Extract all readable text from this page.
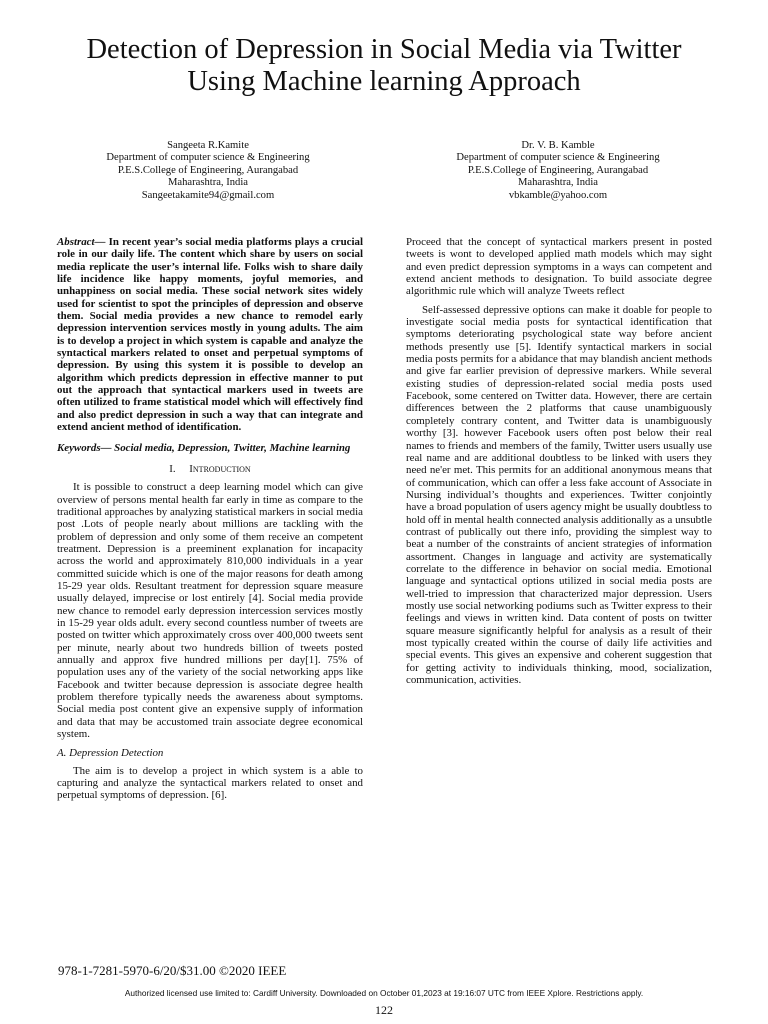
Detection of Depression in Social Media via Twitter
Using Machine learning Approach
Sangeeta R.Kamite
Department of computer science & Engineering
P.E.S.College of Engineering, Aurangabad
Maharashtra, India
Sangeetakamite94@gmail.com
Dr. V. B. Kamble
Department of computer science & Engineering
P.E.S.College of Engineering, Aurangabad
Maharashtra, India
vbkamble@yahoo.com

Abstract— In recent year’s social media platforms plays a crucial role in our daily life. The content which share by users on social media replicate the user’s internal life. Folks wish to share daily life incidence like happy moments, joyful memories, and unhappiness on social media. These social network sites widely used for scientist to spot the principles of depression and observe them. Social media provides a new chance to remodel early depression intervention services mostly in young adults. The aim is to develop a project in which system is capable and analyze the syntactical markers related to onset and perpetual symptoms of depression. By using this system it is possible to develop an algorithm which predicts depression in effective manner to put out the approach that syntactical markers used in tweets are often utilized to frame statistical model which will effectively find and also predict depression in such a way that can integrate and extend ancient method of identification.

Keywords— Social media, Depression, Twitter, Machine learning

I. Introduction

It is possible to construct a deep learning model which can give overview of persons mental health far early in time as compare to the traditional approaches by analyzing statistical markers in social media post .Lots of people nearly about millions are tackling with the problem of depression and only some of them receive an competent treatment. Depression is a preeminent explanation for incapacity across the world and approximately 810,000 individuals in a year committed suicide which is one of the major reasons for death among 15-29 year olds. Resultant treatment for depression square measure usually delayed, imprecise or lost entirely [4]. Social media provide new chance to remodel early depression intercession services mostly in 15-29 year olds adult. every second countless number of tweets are posted on twitter which approximately cross over 400,000 tweets sent per minute, nearly about two hundreds billion of tweets posted annually and approx five hundred millions per day[1]. 75% of population uses any of the variety of the social networking apps like Facebook and twitter because depression is associate degree health problem therefore typically needs the awareness about symptoms. Social media post content give an expensive supply of information and data that may be accustomed train associate degree economical system.

A. Depression Detection

The aim is to develop a project in which system is a able to capturing and analyze the syntactical markers related to onset and perpetual symptoms of depression. [6].

Proceed that the concept of syntactical markers present in posted tweets is wont to developed applied math models which may sight and even predict depression symptoms in a ways can competent and extend ancient methods to designation. To build associate degree algorithmic rule which will analyze Tweets reflect

Self-assessed depressive options can make it doable for people to investigate social media posts for syntactical identification that symptoms deteriorating psychological state way before ancient methods presently use [5]. Identify syntactical markers in social media posts permits for a abidance that may blandish ancient methods and give far earlier prevision of depressive markers. While several existing studies of depression-related social media posts used Facebook, some centered on Twitter data. However, there are certain differences between the 2 platforms that cause unambiguously completely contrary content, and Twitter data is unambiguously worthy [3]. however Facebook users often post below their real names to friends and members of the family, Twitter users usually use real name and are additional doubtless to be linked with users they need ne'er met. This permits for an additional anonymous means that of communication, which can offer a less fake account of Associate in Nursing individual’s thoughts and experiences. Twitter conjointly have a broad population of users agency might be usually doubtless to hold off in mental health connected analysis additionally as a unsubtle contrast of publically out there info, providing the simplest way to beat a number of the constraints of ancient strategies of information assortment. Changes in language and activity are systematically correlate to the difference in behavior on social media. Emotional language and syntactical options utilized in social media posts are well-tried to impression that characterized major depression. Users mostly use social networking podiums such as Twitter express to their feelings and views in written kind. Data content of posts on twitter square measure significantly helpful for analysis as a result of their most typically created within the course of daily life activities and special events. This gives an expensive and coherent suggestion that for getting activity to individuals thinking, mood, socialization, communication, activities.

978-1-7281-5970-6/20/$31.00 ©2020 IEEE
Authorized licensed use limited to: Cardiff University. Downloaded on October 01,2023 at 19:16:07 UTC from IEEE Xplore. Restrictions apply.
122
